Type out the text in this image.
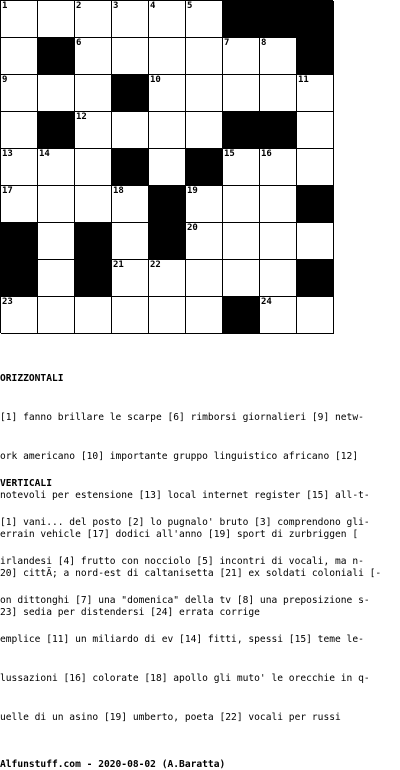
1	2	3	4	5
6	7	8
9	10	11
12
13	14	15	16
17	18	19
20
21	22
23	24

ORIZZONTALI

[1] fanno brillare le scarpe [6] rimborsi giornalieri [9] netw-

ork americano [10] importante gruppo linguistico africano [12]

notevoli per estensione [13] local internet register [15] all-t-

errain vehicle [17] dodici all'anno [19] sport di zurbriggen [

20] cittÃ; a nord-est di caltanisetta [21] ex soldati coloniali [-

23] sedia per distendersi [24] errata corrige

VERTICALI

[1] vani... del posto [2] lo pugnalo' bruto [3] comprendono gli-

irlandesi [4] frutto con nocciolo [5] incontri di vocali, ma n-

on dittonghi [7] una "domenica" della tv [8] una preposizione s-

emplice [11] un miliardo di ev [14] fitti, spessi [15] teme le-

lussazioni [16] colorate [18] apollo gli muto' le orecchie in q-

uelle di un asino [19] umberto, poeta [22] vocali per russi

Alfunstuff.com - 2020-08-02 (A.Baratta)
